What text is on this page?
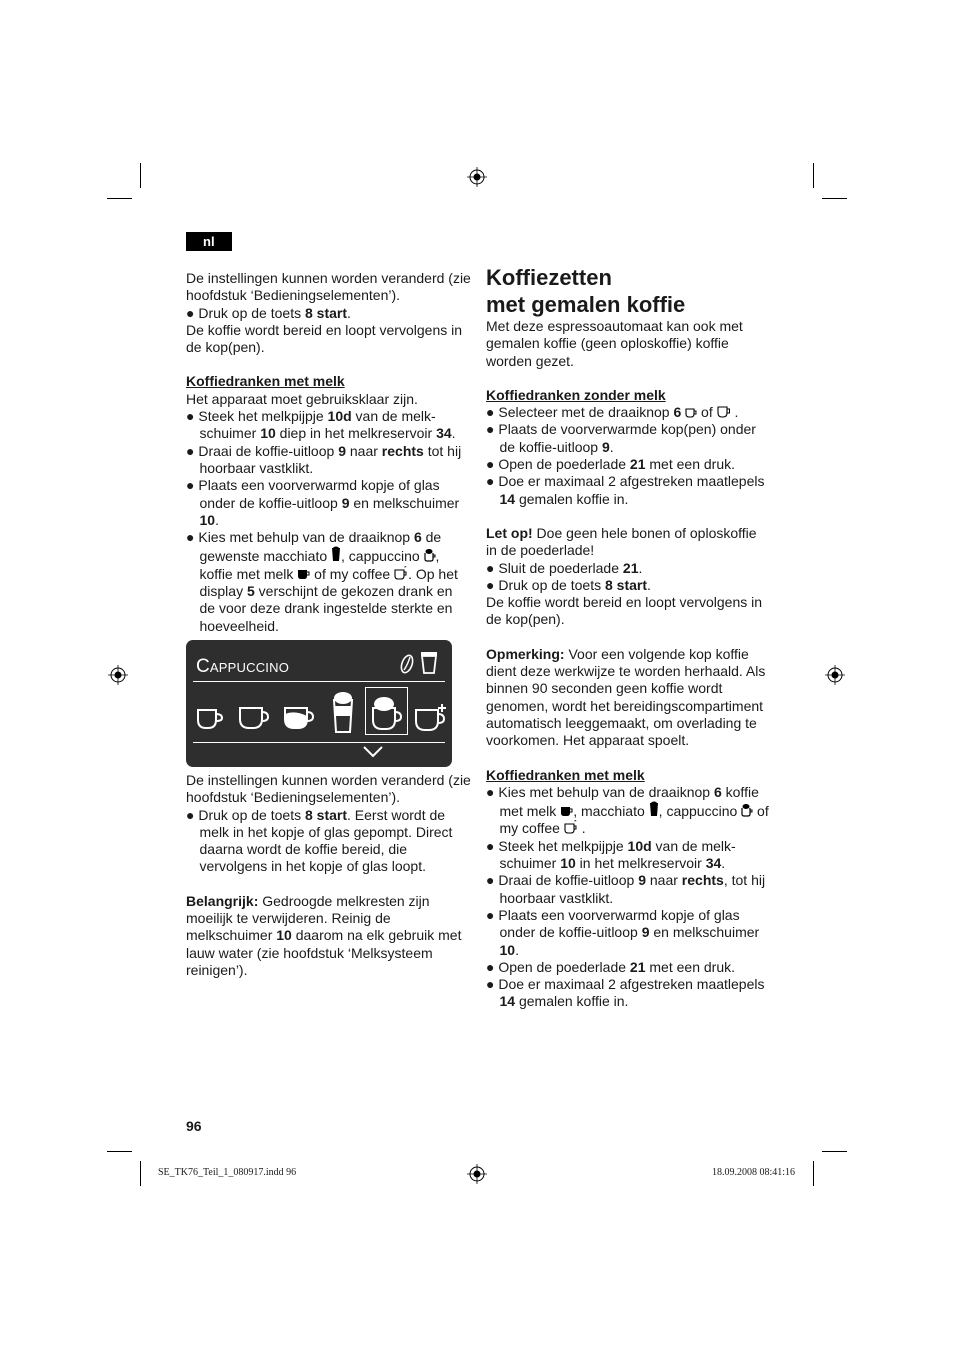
nl

De instellingen kunnen worden veranderd (zie hoofdstuk ‘Bedieningselementen’).

● Druk op de toets 8 start.

De koffie wordt bereid en loopt vervolgens in de kop(pen).

Koffiedranken met melk

Het apparaat moet gebruiksklaar zijn.

● Steek het melkpijpje 10d van de melkschuimer 10 diep in het melkreservoir 34.

● Draai de koffie-uitloop 9 naar rechts tot hij hoorbaar vastklikt.

● Plaats een voorverwarmd kopje of glas onder de koffie-uitloop 9 en melkschuimer 10.

● Kies met behulp van de draaiknop 6 de gewenste macchiato , cappuccino , koffie met melk  of my coffee * . Op het display 5 verschijnt de gekozen drank en de voor deze drank ingestelde sterkte en hoeveelheid.

CAPPUCCINO

De instellingen kunnen worden veranderd (zie hoofdstuk ‘Bedieningselementen’).

● Druk op de toets 8 start. Eerst wordt de melk in het kopje of glas gepompt. Direct daarna wordt de koffie bereid, die vervolgens in het kopje of glas loopt.

Belangrijk: Gedroogde melkresten zijn moeilijk te verwijderen. Reinig de melkschuimer 10 daarom na elk gebruik met lauw water (zie hoofdstuk ‘Melksysteem reinigen’).

Koffiezetten
met gemalen koffie

Met deze espressoautomaat kan ook met gemalen koffie (geen oploskoffie) koffie worden gezet.

Koffiedranken zonder melk

● Selecteer met de draaiknop 6  of  .

● Plaats de voorverwarmde kop(pen) onder de koffie-uitloop 9.

● Open de poederlade 21 met een druk.

● Doe er maximaal 2 afgestreken maatlepels 14 gemalen koffie in.

Let op! Doe geen hele bonen of oploskoffie in de poederlade!

● Sluit de poederlade 21.

● Druk op de toets 8 start.

De koffie wordt bereid en loopt vervolgens in de kop(pen).

Opmerking: Voor een volgende kop koffie dient deze werkwijze te worden herhaald. Als binnen 90 seconden geen koffie wordt genomen, wordt het bereidingscompartiment automatisch leeggemaakt, om overlading te voorkomen. Het apparaat spoelt.

Koffiedranken met melk

● Kies met behulp van de draaiknop 6 koffie met melk , macchiato , cappuccino  of my coffee * .

● Steek het melkpijpje 10d van de melkschuimer 10 in het melkreservoir 34.

● Draai de koffie-uitloop 9 naar rechts, tot hij hoorbaar vastklikt.

● Plaats een voorverwarmd kopje of glas onder de koffie-uitloop 9 en melkschuimer 10.

● Open de poederlade 21 met een druk.

● Doe er maximaal 2 afgestreken maatlepels 14 gemalen koffie in.

96
SE_TK76_Teil_1_080917.indd 96	18.09.2008 08:41:16
